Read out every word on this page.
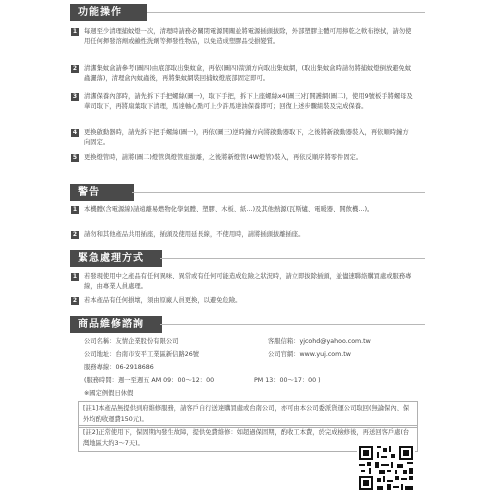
功能操作
1	每週至少清理捕蚊燈一次，清理時請務必關閉電源開關並將電源插頭拔除，外部塑膠主體可用擰乾之軟布擦拭，請勿使用任何揮發溶劑或鹼性洗劑等揮發性物品，以免造成塑膠品受損變質。
2	清潔集蚊盒請參考(圖四)由底部取出集蚊盒，再依(圖四)箭頭方向取出集蚊網，(取出集蚊盒時請勿將捕蚊燈倒放避免蚊蟲灑落)，清理盒內蚊蟲後，再將集蚊網裝回捕蚊燈底部固定即可。
3	清潔保養內部時，請先拆下手把螺絲(圖一)，取下手把，拆下上座螺絲x4(圖三)打開護網(圖二)，使用9號板手將螺母及華司取下，再將扇葉取下清理，馬達軸心點可上少許馬達油保養即可；回復上述步驟組裝及完成保養。
4	更換啟動器時，請先拆下把手螺絲(圖一)，再依(圖三)逆時鐘方向將啟動器取下，之後將新啟動器裝入，再依順時鐘方向固定。
5	更換燈管時，請將(圖二)燈管與燈管座拔離，之後將新燈管(4W燈管)裝入，再依反順序將零件固定。
警告
1	本機體(含電源線)請遠離易燃物化學氣體、塑膠、木板、紙…)及其他熱源(瓦斯爐、電暖器、開飲機…)。
2	請勿和其他產品共用插座，插頭及使用延長線，不使用時，請將插頭拔離插座。
緊急處理方式
1	若發現使用中之產品有任何異味、異常或有任何可能造成危險之狀況時，請立即拔除插頭，並儘速聯絡購買處或服務專線，由專業人員處理。
2	若本產品有任何損壞，須由原廠人員更換，以避免危險。
商品維修諮詢
公司名稱：友情企業股份有限公司	客服信箱：yjcohd@yahoo.com.tw
公司地址：台南市安平工業區新信路26號	公司官網：www.yuj.com.tw
服務專線：06-2918686
(服務時間：週一至週五 AM 09：00～12：00	PM 13：00～17：00 )
※國定例假日休假
[註1]本產品無提供到府維修服務，請客戶自行送達購買處或台南公司，亦可由本公司委派貨運公司取回(無論保內、保外均酌收運費150元)。
[註2]正常使用下，保固期內發生故障，提供免費維修：如超過保固期，酌收工本費，於完成檢修後，再送回客戶處(台灣地區大約3～7天)。
